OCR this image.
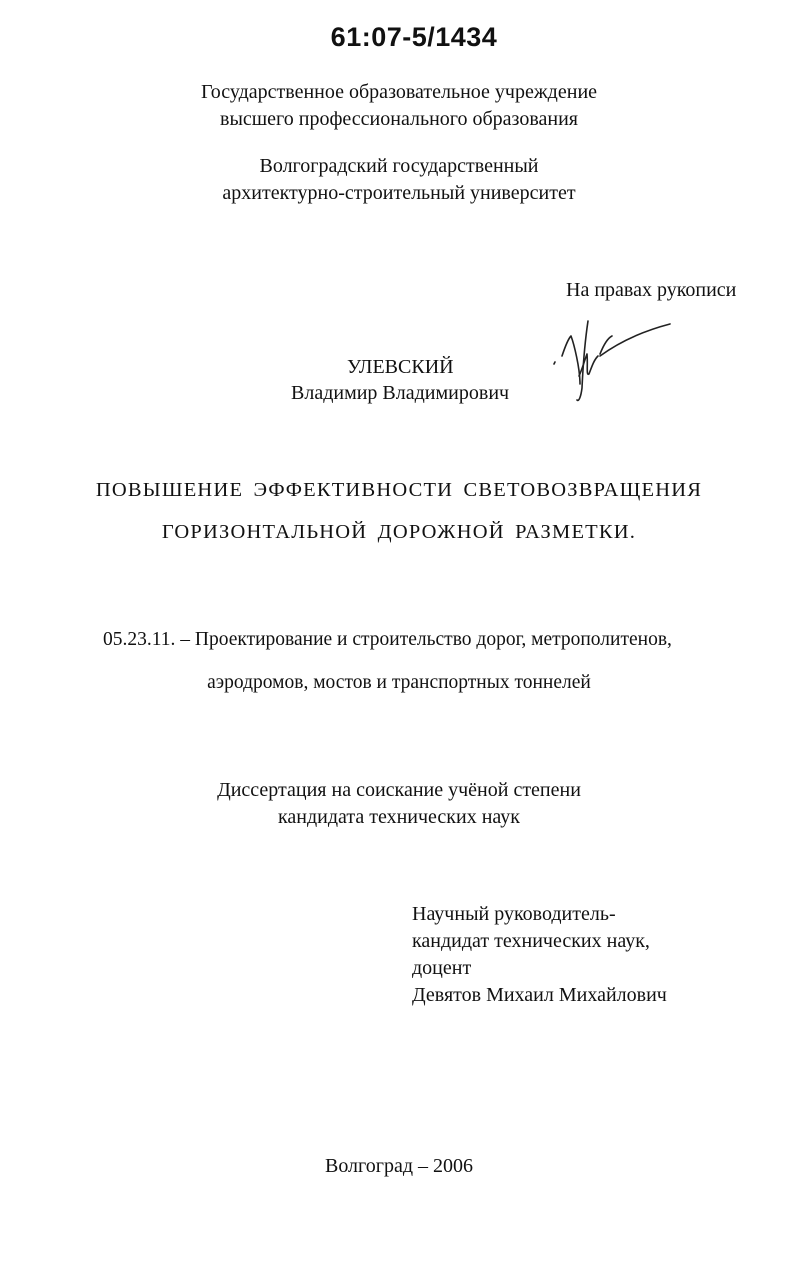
61:07-5/1434
Государственное образовательное учреждение
высшего профессионального образования
Волгоградский государственный
архитектурно-строительный университет
На правах рукописи
УЛЕВСКИЙ
Владимир Владимирович
ПОВЫШЕНИЕ ЭФФЕКТИВНОСТИ СВЕТОВОЗВРАЩЕНИЯ
ГОРИЗОНТАЛЬНОЙ ДОРОЖНОЙ РАЗМЕТКИ.
05.23.11. – Проектирование и строительство дорог, метрополитенов,
аэродромов, мостов и транспортных тоннелей
Диссертация на соискание учёной степени
кандидата технических наук
Научный руководитель-
кандидат технических наук,
доцент
Девятов Михаил Михайлович
Волгоград – 2006
